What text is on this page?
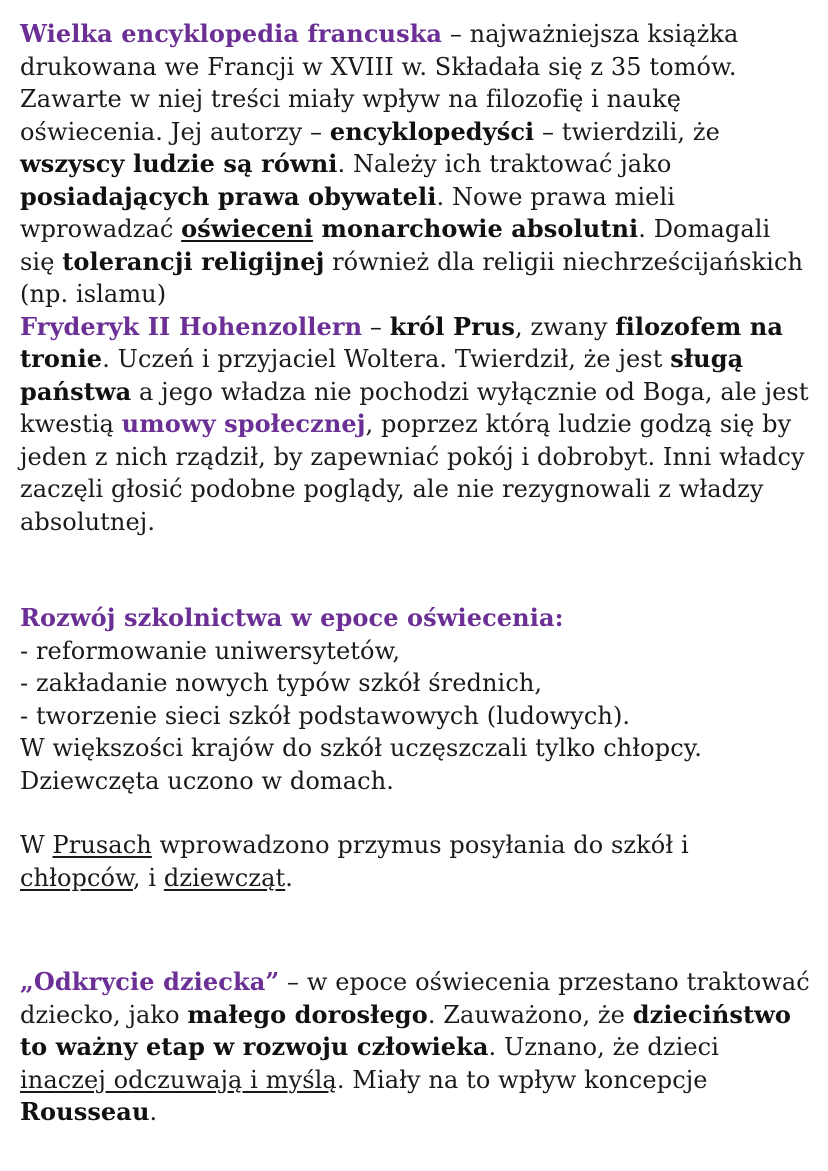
Wielka encyklopedia francuska – najważniejsza książka drukowana we Francji w XVIII w. Składała się z 35 tomów. Zawarte w niej treści miały wpływ na filozofię i naukę oświecenia. Jej autorzy – encyklopedyści – twierdzili, że wszyscy ludzie są równi. Należy ich traktować jako posiadających prawa obywateli. Nowe prawa mieli wprowadzać oświeceni monarchowie absolutni. Domagali się tolerancji religijnej również dla religii niechrześcijańskich (np. islamu)

Fryderyk II Hohenzollern – król Prus, zwany filozofem na tronie. Uczeń i przyjaciel Woltera. Twierdził, że jest sługą państwa a jego władza nie pochodzi wyłącznie od Boga, ale jest kwestią umowy społecznej, poprzez którą ludzie godzą się by jeden z nich rządził, by zapewniać pokój i dobrobyt. Inni władcy zaczęli głosić podobne poglądy, ale nie rezygnowali z władzy absolutnej.

Rozwój szkolnictwa w epoce oświecenia:

- reformowanie uniwersytetów,
- zakładanie nowych typów szkół średnich,
- tworzenie sieci szkół podstawowych (ludowych).

W większości krajów do szkół uczęszczali tylko chłopcy. Dziewczęta uczono w domach.

W Prusach wprowadzono przymus posyłania do szkół i chłopców, i dziewcząt.

„Odkrycie dziecka” – w epoce oświecenia przestano traktować dziecko, jako małego dorosłego. Zauważono, że dzieciństwo to ważny etap w rozwoju człowieka. Uznano, że dzieci inaczej odczuwają i myślą. Miały na to wpływ koncepcje Rousseau.
